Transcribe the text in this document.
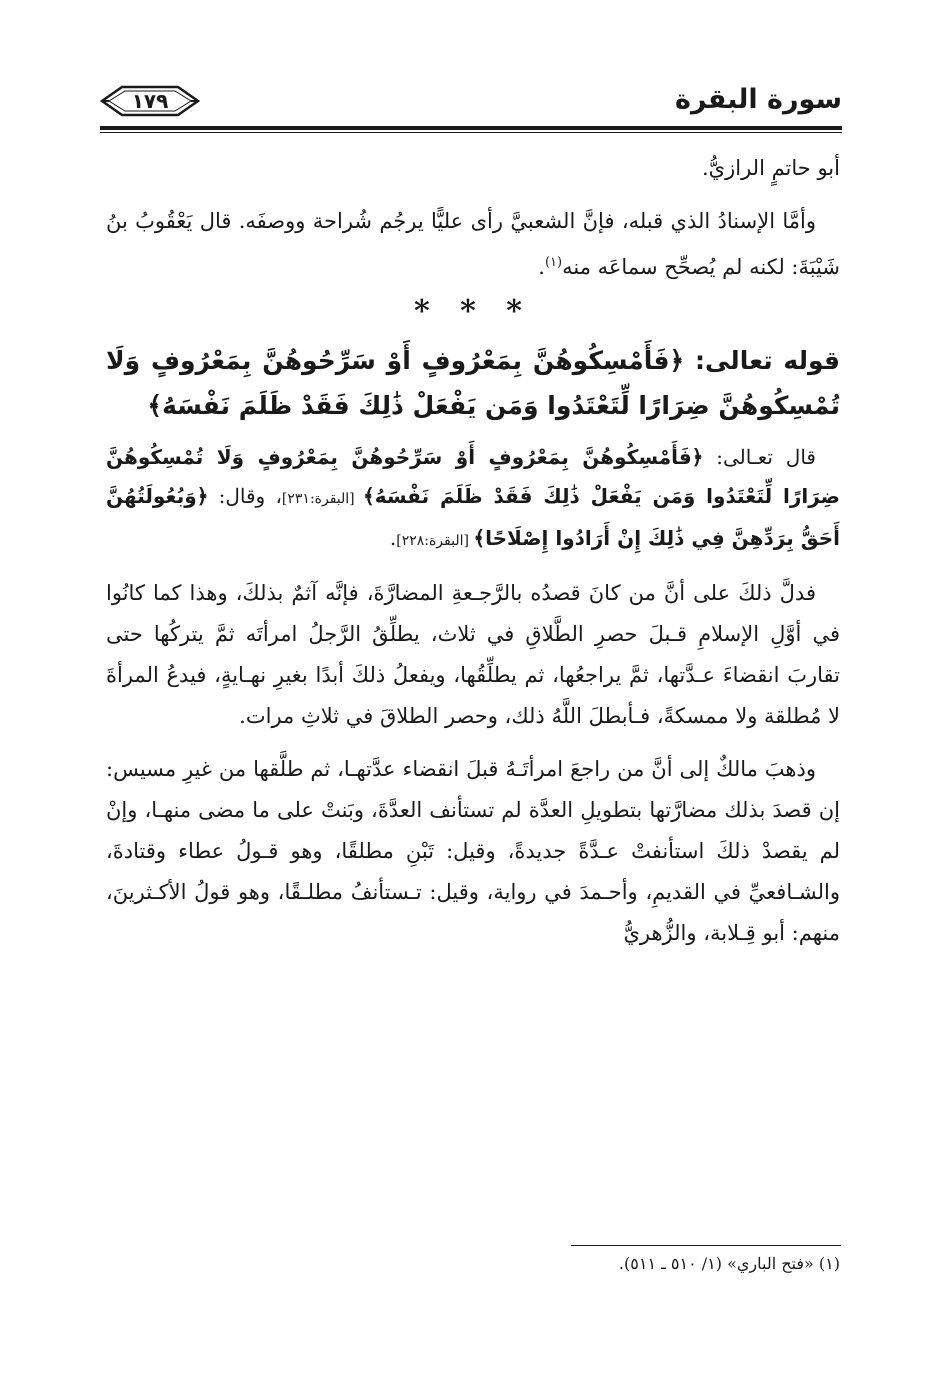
سورة البقرة
١٧٩

أبو حاتمٍ الرازيُّ.

وأمَّا الإسنادُ الذي قبله، فإنَّ الشعبيَّ رأى عليًّا يرجُم شُراحة ووصفَه. قال يَعْقُوبُ بنُ شَيْبَةَ: لكنه لم يُصحِّح سماعَه منه$^{(١)}$.

* * *

قوله تعالى: ﴿فَأَمْسِكُوهُنَّ بِمَعْرُوفٍ أَوْ سَرِّحُوهُنَّ بِمَعْرُوفٍ وَلَا تُمْسِكُوهُنَّ ضِرَارًا لِّتَعْتَدُوا وَمَن يَفْعَلْ ذَٰلِكَ فَقَدْ ظَلَمَ نَفْسَهُ﴾

قال تعـالى: ﴿فَأَمْسِكُوهُنَّ بِمَعْرُوفٍ أَوْ سَرِّحُوهُنَّ بِمَعْرُوفٍ وَلَا تُمْسِكُوهُنَّ ضِرَارًا لِّتَعْتَدُوا وَمَن يَفْعَلْ ذَٰلِكَ فَقَدْ ظَلَمَ نَفْسَهُ﴾ [البقرة:٢٣١]، وقال: ﴿وَبُعُولَتُهُنَّ أَحَقُّ بِرَدِّهِنَّ فِي ذَٰلِكَ إِنْ أَرَادُوا إِصْلَاحًا﴾ [البقرة:٢٢٨].

فدلَّ ذلكَ على أنَّ من كانَ قصدُه بالرَّجـعةِ المضارَّةَ، فإنَّه آثمٌ بذلكَ، وهذا كما كانُوا في أوَّلِ الإسلامِ قـبلَ حصرِ الطَّلاقِ في ثلاث، يطلِّقُ الرَّجلُ امرأتَه ثمَّ يتركُها حتى تقاربَ انقضاءَ عـدَّتها، ثمَّ يراجعُها، ثم يطلِّقُها، ويفعلُ ذلكَ أبدًا بغيرِ نهـايةٍ، فيدعُ المرأةَ لا مُطلقة ولا ممسكةً، فـأبطلَ اللَّهُ ذلك، وحصر الطلاقَ في ثلاثِ مرات.

وذهبَ مالكٌ إلى أنَّ من راجعَ امرأتَـهُ قبلَ انقضاء عدَّتهـا، ثم طلَّقها من غيرِ مسيس: إن قصدَ بذلك مضارَّتها بتطويلِ العدَّة لم تستأنف العدَّةَ، وبَنتْ على ما مضى منهـا، وإنْ لم يقصدْ ذلكَ استأنفتْ عـدَّةً جديدةً، وقيل: تَبْنِ مطلقًا، وهو قـولُ عطاء وقتادةَ، والشـافعيِّ في القديمِ، وأحـمدَ في رواية، وقيل: تـستأنفُ مطلـقًا، وهو قولُ الأكـثرينَ، منهم: أبو قِـلابة، والزُّهريُّ

(١) «فتح الباري» (١/ ٥١٠ ـ ٥١١).
